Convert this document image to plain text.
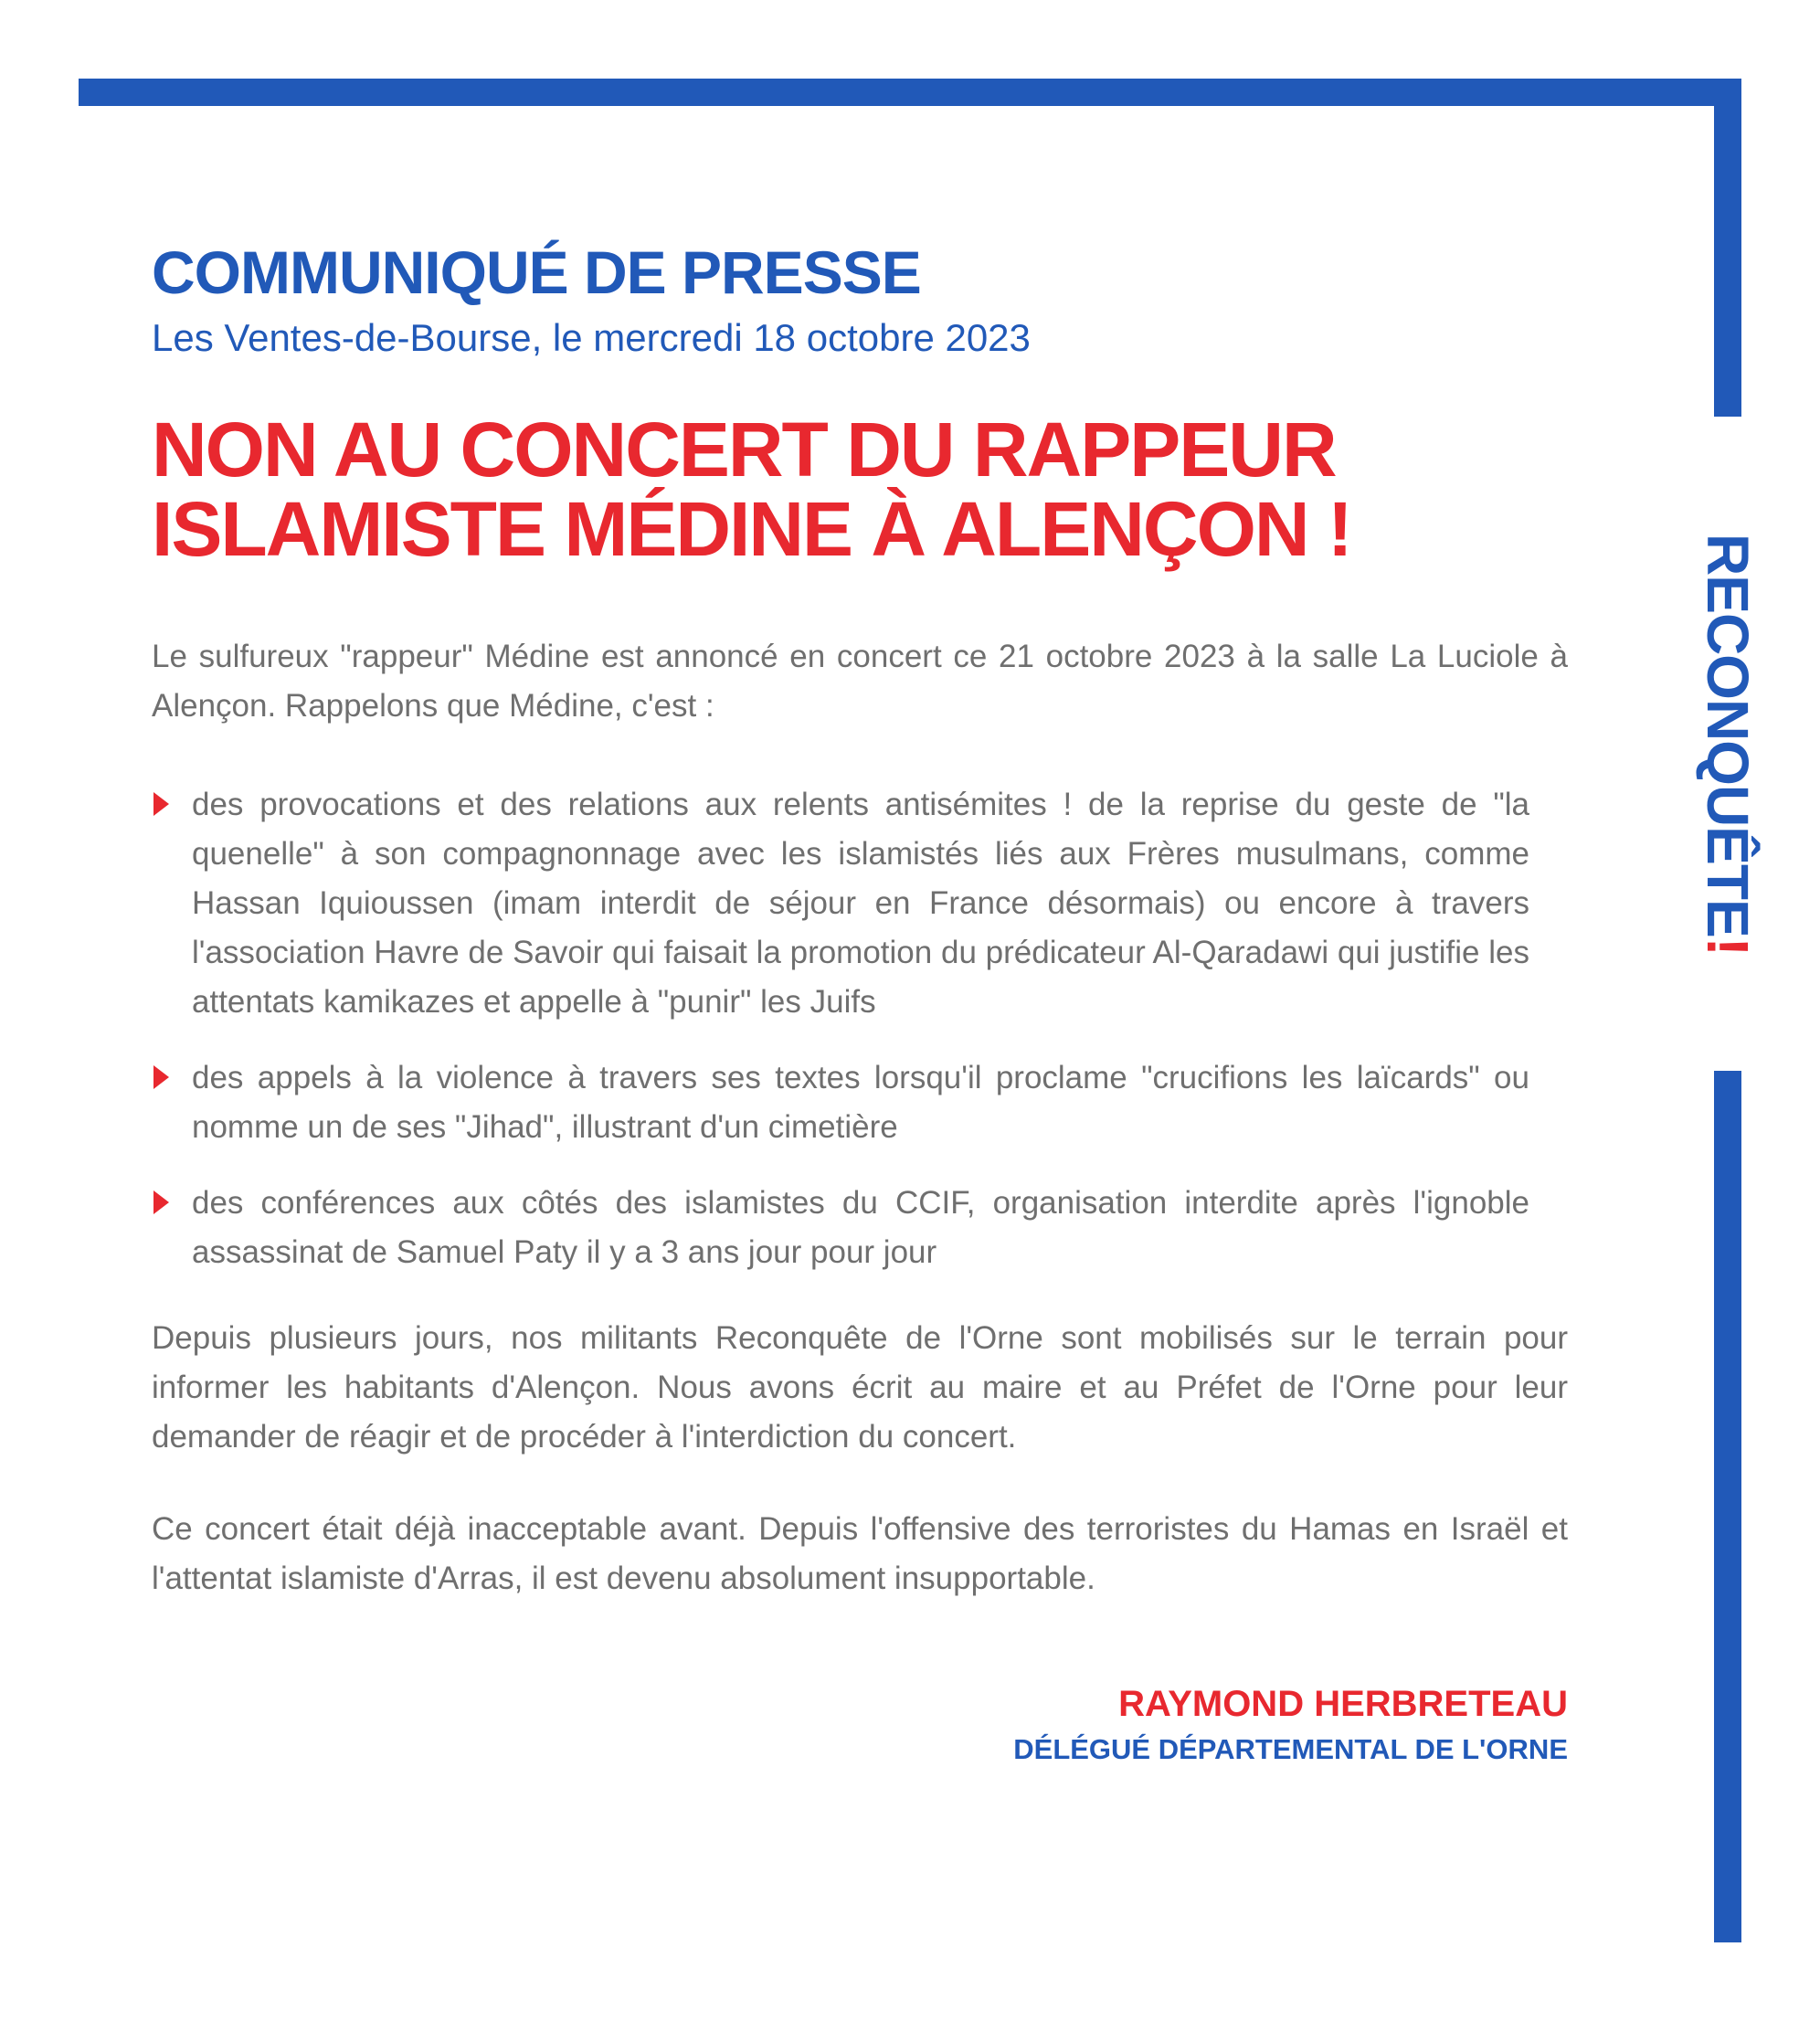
RECONQUÊTE!
COMMUNIQUÉ DE PRESSE

Les Ventes-de-Bourse, le mercredi 18 octobre 2023

NON AU CONCERT DU RAPPEUR
ISLAMISTE MÉDINE À ALENÇON !

Le sulfureux "rappeur" Médine est annoncé en concert ce 21 octobre 2023 à la salle La Luciole à Alençon. Rappelons que Médine, c'est :

des provocations et des relations aux relents antisémites ! de la reprise du geste de "la quenelle" à son compagnonnage avec les islamistés liés aux Frères musulmans, comme Hassan Iquioussen (imam interdit de séjour en France désormais) ou encore à travers l'association Havre de Savoir qui faisait la promotion du prédicateur Al-Qaradawi qui justifie les attentats kamikazes et appelle à "punir" les Juifs
des appels à la violence à travers ses textes lorsqu'il proclame "crucifions les laïcards" ou nomme un de ses "Jihad", illustrant d'un cimetière
des conférences aux côtés des islamistes du CCIF, organisation interdite après l'ignoble assassinat de Samuel Paty il y a 3 ans jour pour jour

Depuis plusieurs jours, nos militants Reconquête de l'Orne sont mobilisés sur le terrain pour informer les habitants d'Alençon. Nous avons écrit au maire et au Préfet de l'Orne pour leur demander de réagir et de procéder à l'interdiction du concert.

Ce concert était déjà inacceptable avant. Depuis l'offensive des terroristes du Hamas en Israël et l'attentat islamiste d'Arras, il est devenu absolument insupportable.

RAYMOND HERBRETEAU
DÉLÉGUÉ DÉPARTEMENTAL DE L'ORNE
